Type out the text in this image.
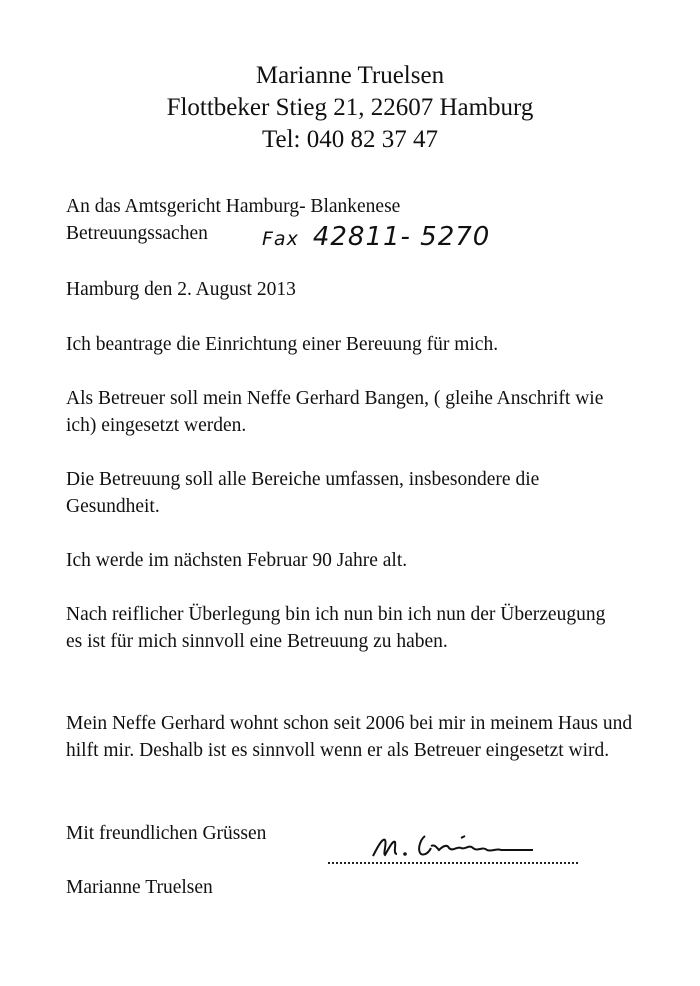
Marianne Truelsen
Flottbeker Stieg 21, 22607 Hamburg
Tel: 040 82 37 47
An das Amtsgericht Hamburg- Blankenese
Betreuungssachen	Fax 42811- 5270
Hamburg den 2. August 2013
Ich beantrage die Einrichtung einer Bereuung für mich.
Als Betreuer soll mein Neffe Gerhard Bangen, ( gleihe Anschrift wie ich) eingesetzt werden.
Die Betreuung soll alle Bereiche umfassen, insbesondere die Gesundheit.
Ich werde im nächsten Februar 90 Jahre alt.
Nach reiflicher Überlegung bin ich nun bin ich nun der Überzeugung es ist für mich sinnvoll eine Betreuung zu haben.
Mein Neffe Gerhard wohnt schon seit 2006 bei mir in meinem Haus und hilft mir. Deshalb ist es sinnvoll wenn er als Betreuer eingesetzt wird.
Mit freundlichen Grüssen
Marianne Truelsen
